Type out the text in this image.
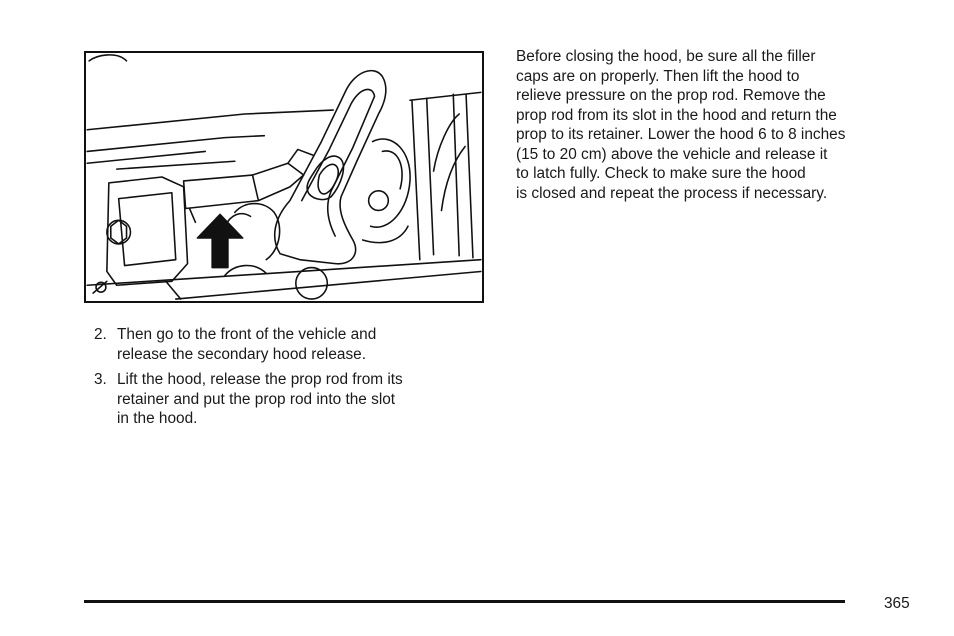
2. Then go to the front of the vehicle and
release the secondary hood release.
3. Lift the hood, release the prop rod from its
retainer and put the prop rod into the slot
in the hood.

Before closing the hood, be sure all the filler
caps are on properly. Then lift the hood to
relieve pressure on the prop rod. Remove the
prop rod from its slot in the hood and return the
prop to its retainer. Lower the hood 6 to 8 inches
(15 to 20 cm) above the vehicle and release it
to latch fully. Check to make sure the hood
is closed and repeat the process if necessary.

365
